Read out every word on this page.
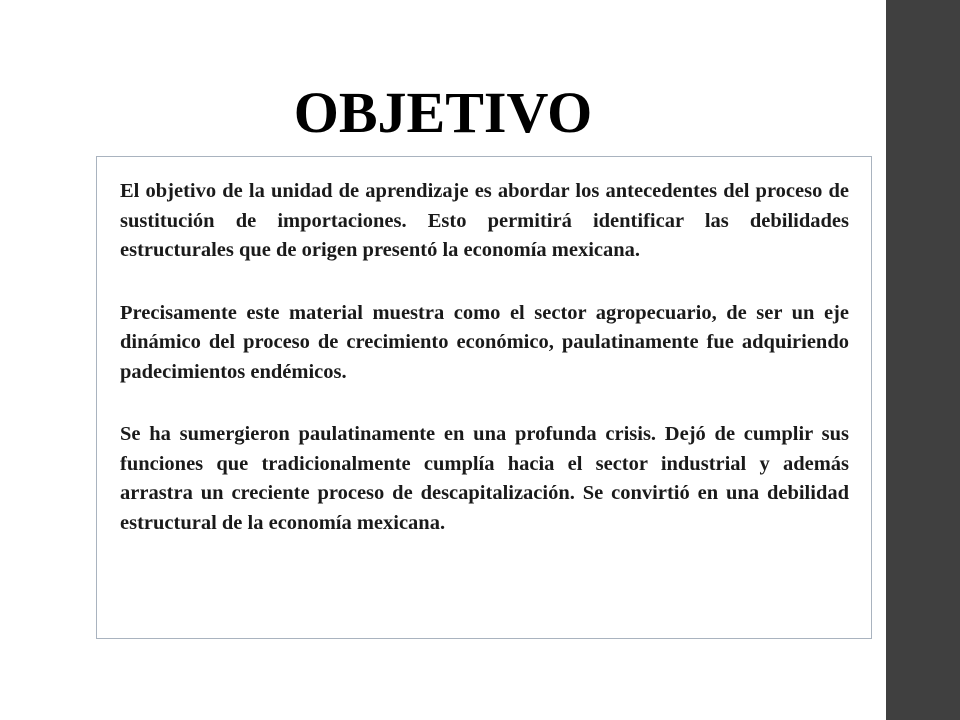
OBJETIVO

El objetivo de la unidad de aprendizaje es abordar los antecedentes del proceso de sustitución de importaciones. Esto permitirá identificar las debilidades estructurales que de origen presentó la economía mexicana.

Precisamente este material muestra como el sector agropecuario, de ser un eje dinámico del proceso de crecimiento económico, paulatinamente fue adquiriendo padecimientos endémicos.

Se ha sumergieron paulatinamente en una profunda crisis. Dejó de cumplir sus funciones que tradicionalmente cumplía hacia el sector industrial y además arrastra un creciente proceso de descapitalización. Se convirtió en una debilidad estructural de la economía mexicana.
